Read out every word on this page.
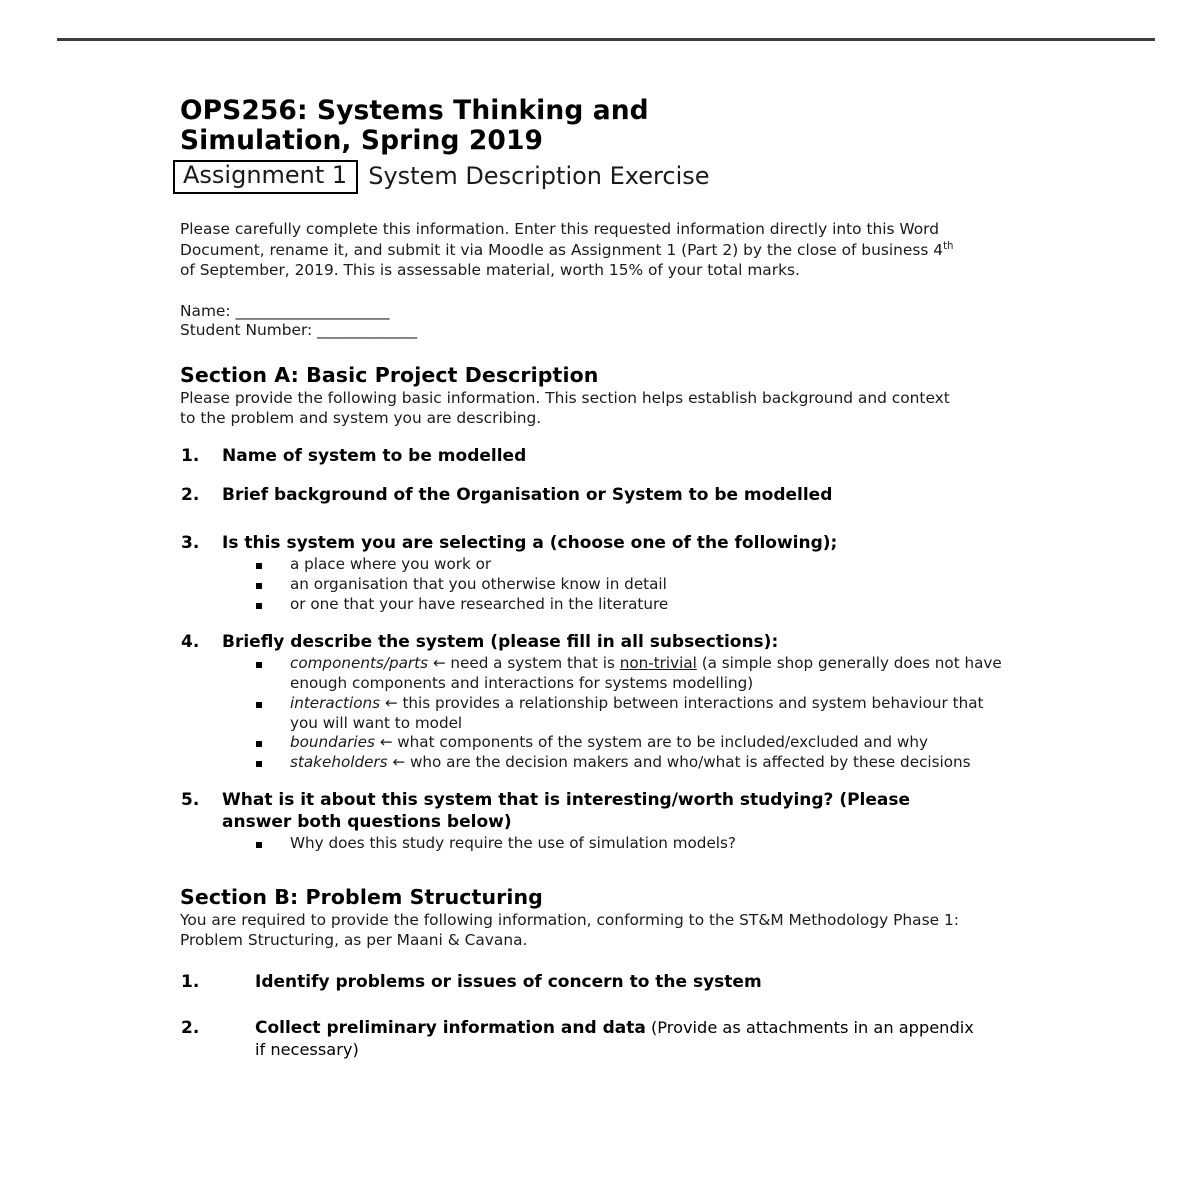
OPS256: Systems Thinking and
Simulation, Spring 2019
Assignment 1 System Description Exercise

Please carefully complete this information. Enter this requested information directly into this Word Document, rename it, and submit it via Moodle as Assignment 1 (Part 2) by the close of business 4th of September, 2019. This is assessable material, worth 15% of your total marks.

Name: ____________________
Student Number: _____________
Section A: Basic Project Description

Please provide the following basic information. This section helps establish background and context to the problem and system you are describing.

1.	Name of system to be modelled

2.	Brief background of the Organisation or System to be modelled

3.	Is this system you are selecting a (choose one of the following);

a place where you work or
an organisation that you otherwise know in detail
or one that your have researched in the literature
4.	Briefly describe the system (please fill in all subsections):

components/parts ← need a system that is non-trivial (a simple shop generally does not have enough components and interactions for systems modelling)
interactions ← this provides a relationship between interactions and system behaviour that you will want to model
boundaries ← what components of the system are to be included/excluded and why
stakeholders ← who are the decision makers and who/what is affected by these decisions
5.	What is it about this system that is interesting/worth studying? (Please answer both questions below)

Why does this study require the use of simulation models?
Section B: Problem Structuring

You are required to provide the following information, conforming to the ST&M Methodology Phase 1: Problem Structuring, as per Maani & Cavana.

1.	Identify problems or issues of concern to the system

2.	Collect preliminary information and data (Provide as attachments in an appendix if necessary)
